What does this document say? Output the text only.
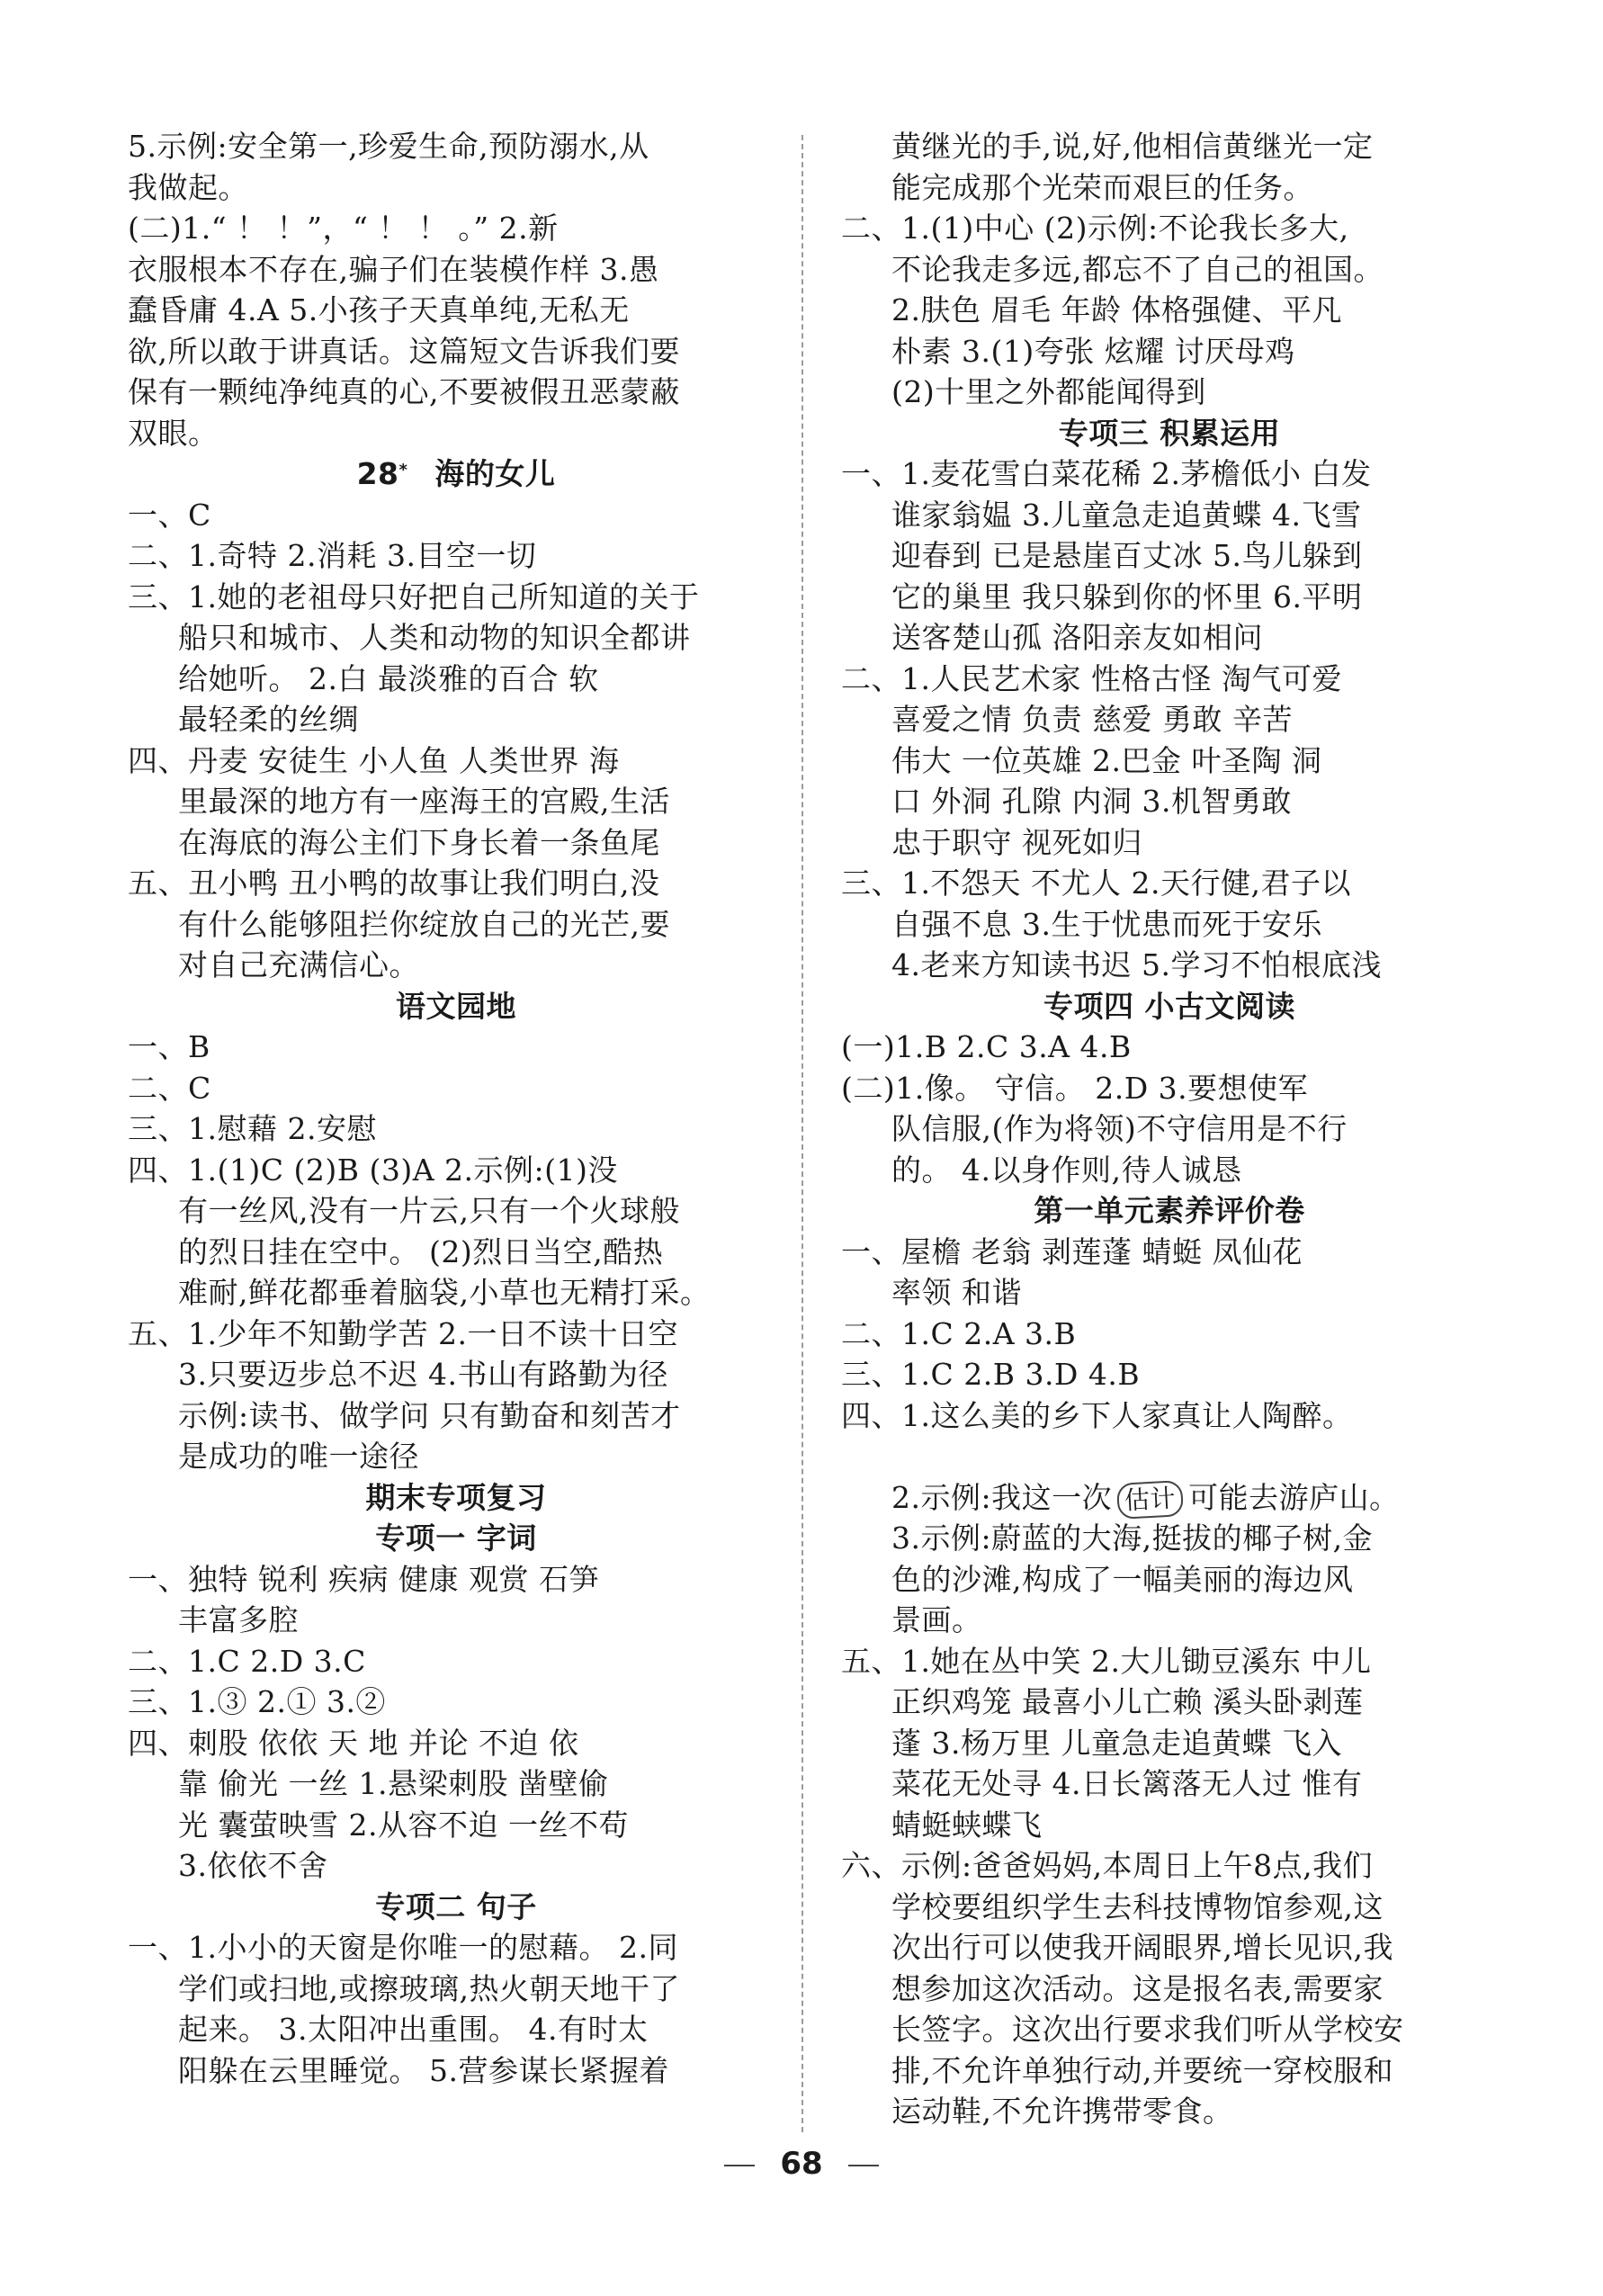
5.示例:安全第一,珍爱生命,预防溺水,从
我做起。
(二)1.“ ！ ！”，“ ！ ！ 。” 2.新
衣服根本不存在,骗子们在装模作样 3.愚
蠢昏庸 4.A 5.小孩子天真单纯,无私无
欲,所以敢于讲真话。这篇短文告诉我们要
保有一颗纯净纯真的心,不要被假丑恶蒙蔽
双眼。
28* 海的女儿
一、C
二、1.奇特 2.消耗 3.目空一切
三、1.她的老祖母只好把自己所知道的关于
船只和城市、人类和动物的知识全都讲
给她听。 2.白 最淡雅的百合 软
最轻柔的丝绸
四、丹麦 安徒生 小人鱼 人类世界 海
里最深的地方有一座海王的宫殿,生活
在海底的海公主们下身长着一条鱼尾
五、丑小鸭 丑小鸭的故事让我们明白,没
有什么能够阻拦你绽放自己的光芒,要
对自己充满信心。
语文园地
一、B
二、C
三、1.慰藉 2.安慰
四、1.(1)C (2)B (3)A 2.示例:(1)没
有一丝风,没有一片云,只有一个火球般
的烈日挂在空中。 (2)烈日当空,酷热
难耐,鲜花都垂着脑袋,小草也无精打采。
五、1.少年不知勤学苦 2.一日不读十日空
3.只要迈步总不迟 4.书山有路勤为径
示例:读书、做学问 只有勤奋和刻苦才
是成功的唯一途径
期末专项复习
专项一 字词
一、独特 锐利 疾病 健康 观赏 石笋
丰富多腔
二、1.C 2.D 3.C
三、1.③ 2.① 3.②
四、刺股 依依 天 地 并论 不迫 依
靠 偷光 一丝 1.悬梁刺股 凿壁偷
光 囊萤映雪 2.从容不迫 一丝不苟
3.依依不舍
专项二 句子
一、1.小小的天窗是你唯一的慰藉。 2.同
学们或扫地,或擦玻璃,热火朝天地干了
起来。 3.太阳冲出重围。 4.有时太
阳躲在云里睡觉。 5.营参谋长紧握着
黄继光的手,说,好,他相信黄继光一定
能完成那个光荣而艰巨的任务。
二、1.(1)中心 (2)示例:不论我长多大,
不论我走多远,都忘不了自己的祖国。
2.肤色 眉毛 年龄 体格强健、平凡
朴素 3.(1)夸张 炫耀 讨厌母鸡
(2)十里之外都能闻得到
专项三 积累运用
一、1.麦花雪白菜花稀 2.茅檐低小 白发
谁家翁媪 3.儿童急走追黄蝶 4.飞雪
迎春到 已是悬崖百丈冰 5.鸟儿躲到
它的巢里 我只躲到你的怀里 6.平明
送客楚山孤 洛阳亲友如相问
二、1.人民艺术家 性格古怪 淘气可爱
喜爱之情 负责 慈爱 勇敢 辛苦
伟大 一位英雄 2.巴金 叶圣陶 洞
口 外洞 孔隙 内洞 3.机智勇敢
忠于职守 视死如归
三、1.不怨天 不尤人 2.天行健,君子以
自强不息 3.生于忧患而死于安乐
4.老来方知读书迟 5.学习不怕根底浅
专项四 小古文阅读
(一)1.B 2.C 3.A 4.B
(二)1.像。 守信。 2.D 3.要想使军
队信服,(作为将领)不守信用是不行
的。 4.以身作则,待人诚恳
第一单元素养评价卷
一、屋檐 老翁 剥莲蓬 蜻蜓 凤仙花
率领 和谐
二、1.C 2.A 3.B
三、1.C 2.B 3.D 4.B
四、1.这么美的乡下人家真让人陶醉。
2.示例:我这一次 估计 可能去游庐山。
3.示例:蔚蓝的大海,挺拔的椰子树,金
色的沙滩,构成了一幅美丽的海边风
景画。
五、1.她在丛中笑 2.大儿锄豆溪东 中儿
正织鸡笼 最喜小儿亡赖 溪头卧剥莲
蓬 3.杨万里 儿童急走追黄蝶 飞入
菜花无处寻 4.日长篱落无人过 惟有
蜻蜓蛱蝶飞
六、示例:爸爸妈妈,本周日上午8点,我们
学校要组织学生去科技博物馆参观,这
次出行可以使我开阔眼界,增长见识,我
想参加这次活动。这是报名表,需要家
长签字。这次出行要求我们听从学校安
排,不允许单独行动,并要统一穿校服和
运动鞋,不允许携带零食。
68
